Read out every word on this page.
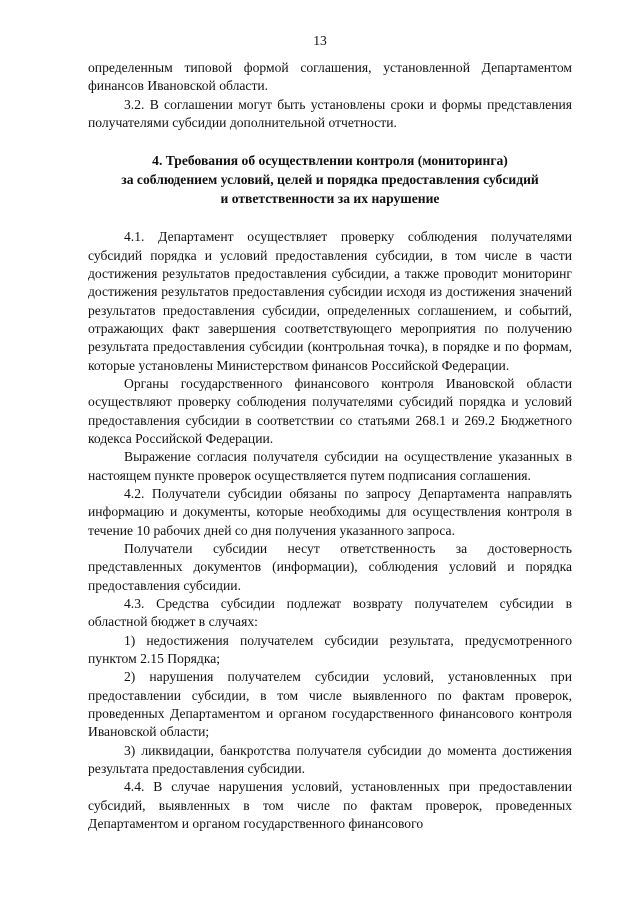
13

определенным типовой формой соглашения, установленной Департаментом финансов Ивановской области.

3.2. В соглашении могут быть установлены сроки и формы представления получателями субсидии дополнительной отчетности.

4. Требования об осуществлении контроля (мониторинга)
за соблюдением условий, целей и порядка предоставления субсидий
и ответственности за их нарушение

4.1. Департамент осуществляет проверку соблюдения получателями субсидий порядка и условий предоставления субсидии, в том числе в части достижения результатов предоставления субсидии, а также проводит мониторинг достижения результатов предоставления субсидии исходя из достижения значений результатов предоставления субсидии, определенных соглашением, и событий, отражающих факт завершения соответствующего мероприятия по получению результата предоставления субсидии (контрольная точка), в порядке и по формам, которые установлены Министерством финансов Российской Федерации.

Органы государственного финансового контроля Ивановской области осуществляют проверку соблюдения получателями субсидий порядка и условий предоставления субсидии в соответствии со статьями 268.1 и 269.2 Бюджетного кодекса Российской Федерации.

Выражение согласия получателя субсидии на осуществление указанных в настоящем пункте проверок осуществляется путем подписания соглашения.

4.2. Получатели субсидии обязаны по запросу Департамента направлять информацию и документы, которые необходимы для осуществления контроля в течение 10 рабочих дней со дня получения указанного запроса.

Получатели субсидии несут ответственность за достоверность представленных документов (информации), соблюдения условий и порядка предоставления субсидии.

4.3. Средства субсидии подлежат возврату получателем субсидии в областной бюджет в случаях:

1) недостижения получателем субсидии результата, предусмотренного пунктом 2.15 Порядка;

2) нарушения получателем субсидии условий, установленных при предоставлении субсидии, в том числе выявленного по фактам проверок, проведенных Департаментом и органом государственного финансового контроля Ивановской области;

3) ликвидации, банкротства получателя субсидии до момента достижения результата предоставления субсидии.

4.4. В случае нарушения условий, установленных при предоставлении субсидий, выявленных в том числе по фактам проверок, проведенных Департаментом и органом государственного финансового
